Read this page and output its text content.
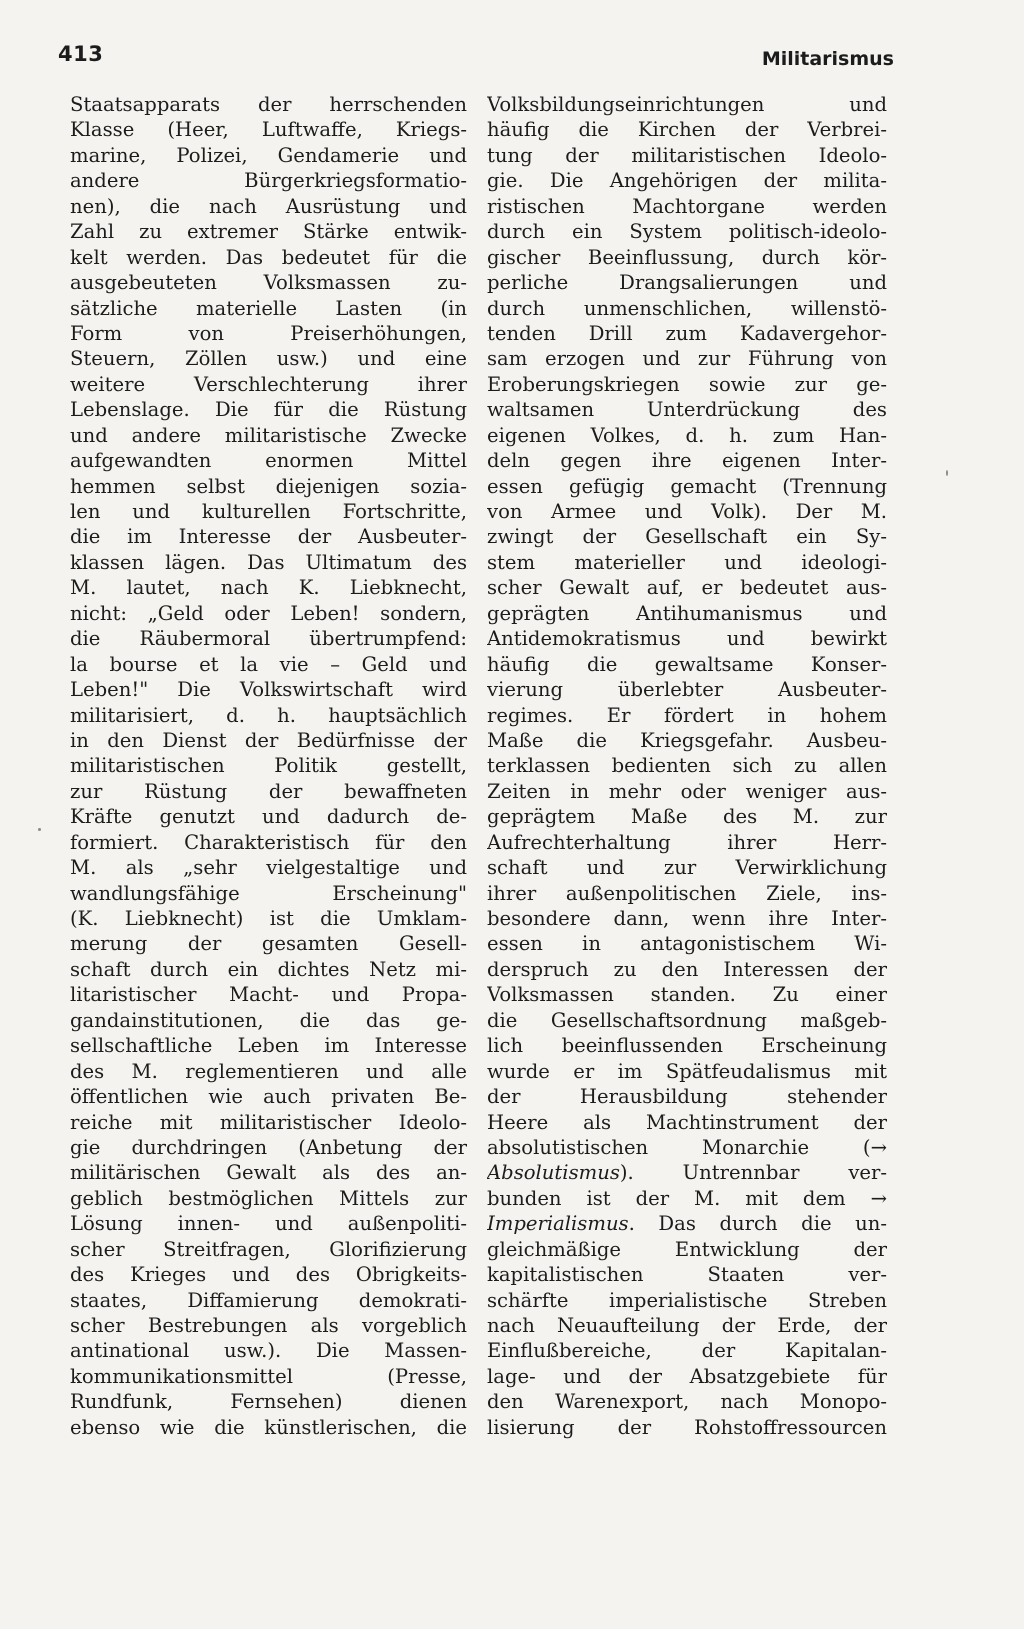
413	Militarismus
Staatsapparats der herrschenden
Klasse (Heer, Luftwaffe, Kriegs-
marine, Polizei, Gendamerie und
andere Bürgerkriegsformatio-
nen), die nach Ausrüstung und
Zahl zu extremer Stärke entwik-
kelt werden. Das bedeutet für die
ausgebeuteten Volksmassen zu-
sätzliche materielle Lasten (in
Form von Preiserhöhungen,
Steuern, Zöllen usw.) und eine
weitere Verschlechterung ihrer
Lebenslage. Die für die Rüstung
und andere militaristische Zwecke
aufgewandten enormen Mittel
hemmen selbst diejenigen sozia-
len und kulturellen Fortschritte,
die im Interesse der Ausbeuter-
klassen lägen. Das Ultimatum des
M. lautet, nach K. Liebknecht,
nicht: „Geld oder Leben! sondern,
die Räubermoral übertrumpfend:
la bourse et la vie – Geld und
Leben!" Die Volkswirtschaft wird
militarisiert, d. h. hauptsächlich
in den Dienst der Bedürfnisse der
militaristischen Politik gestellt,
zur Rüstung der bewaffneten
Kräfte genutzt und dadurch de-
formiert. Charakteristisch für den
M. als „sehr vielgestaltige und
wandlungsfähige Erscheinung"
(K. Liebknecht) ist die Umklam-
merung der gesamten Gesell-
schaft durch ein dichtes Netz mi-
litaristischer Macht- und Propa-
gandainstitutionen, die das ge-
sellschaftliche Leben im Interesse
des M. reglementieren und alle
öffentlichen wie auch privaten Be-
reiche mit militaristischer Ideolo-
gie durchdringen (Anbetung der
militärischen Gewalt als des an-
geblich bestmöglichen Mittels zur
Lösung innen- und außenpoliti-
scher Streitfragen, Glorifizierung
des Krieges und des Obrigkeits-
staates, Diffamierung demokrati-
scher Bestrebungen als vorgeblich
antinational usw.). Die Massen-
kommunikationsmittel (Presse,
Rundfunk, Fernsehen) dienen
ebenso wie die künstlerischen, die
Volksbildungseinrichtungen und
häufig die Kirchen der Verbrei-
tung der militaristischen Ideolo-
gie. Die Angehörigen der milita-
ristischen Machtorgane werden
durch ein System politisch-ideolo-
gischer Beeinflussung, durch kör-
perliche Drangsalierungen und
durch unmenschlichen, willenstö-
tenden Drill zum Kadavergehor-
sam erzogen und zur Führung von
Eroberungskriegen sowie zur ge-
waltsamen Unterdrückung des
eigenen Volkes, d. h. zum Han-
deln gegen ihre eigenen Inter-
essen gefügig gemacht (Trennung
von Armee und Volk). Der M.
zwingt der Gesellschaft ein Sy-
stem materieller und ideologi-
scher Gewalt auf, er bedeutet aus-
geprägten Antihumanismus und
Antidemokratismus und bewirkt
häufig die gewaltsame Konser-
vierung überlebter Ausbeuter-
regimes. Er fördert in hohem
Maße die Kriegsgefahr. Ausbeu-
terklassen bedienten sich zu allen
Zeiten in mehr oder weniger aus-
geprägtem Maße des M. zur
Aufrechterhaltung ihrer Herr-
schaft und zur Verwirklichung
ihrer außenpolitischen Ziele, ins-
besondere dann, wenn ihre Inter-
essen in antagonistischem Wi-
derspruch zu den Interessen der
Volksmassen standen. Zu einer
die Gesellschaftsordnung maßgeb-
lich beeinflussenden Erscheinung
wurde er im Spätfeudalismus mit
der Herausbildung stehender
Heere als Machtinstrument der
absolutistischen Monarchie (→
Absolutismus). Untrennbar ver-
bunden ist der M. mit dem →
Imperialismus. Das durch die un-
gleichmäßige Entwicklung der
kapitalistischen Staaten ver-
schärfte imperialistische Streben
nach Neuaufteilung der Erde, der
Einflußbereiche, der Kapitalan-
lage- und der Absatzgebiete für
den Warenexport, nach Monopo-
lisierung der Rohstoffressourcen
